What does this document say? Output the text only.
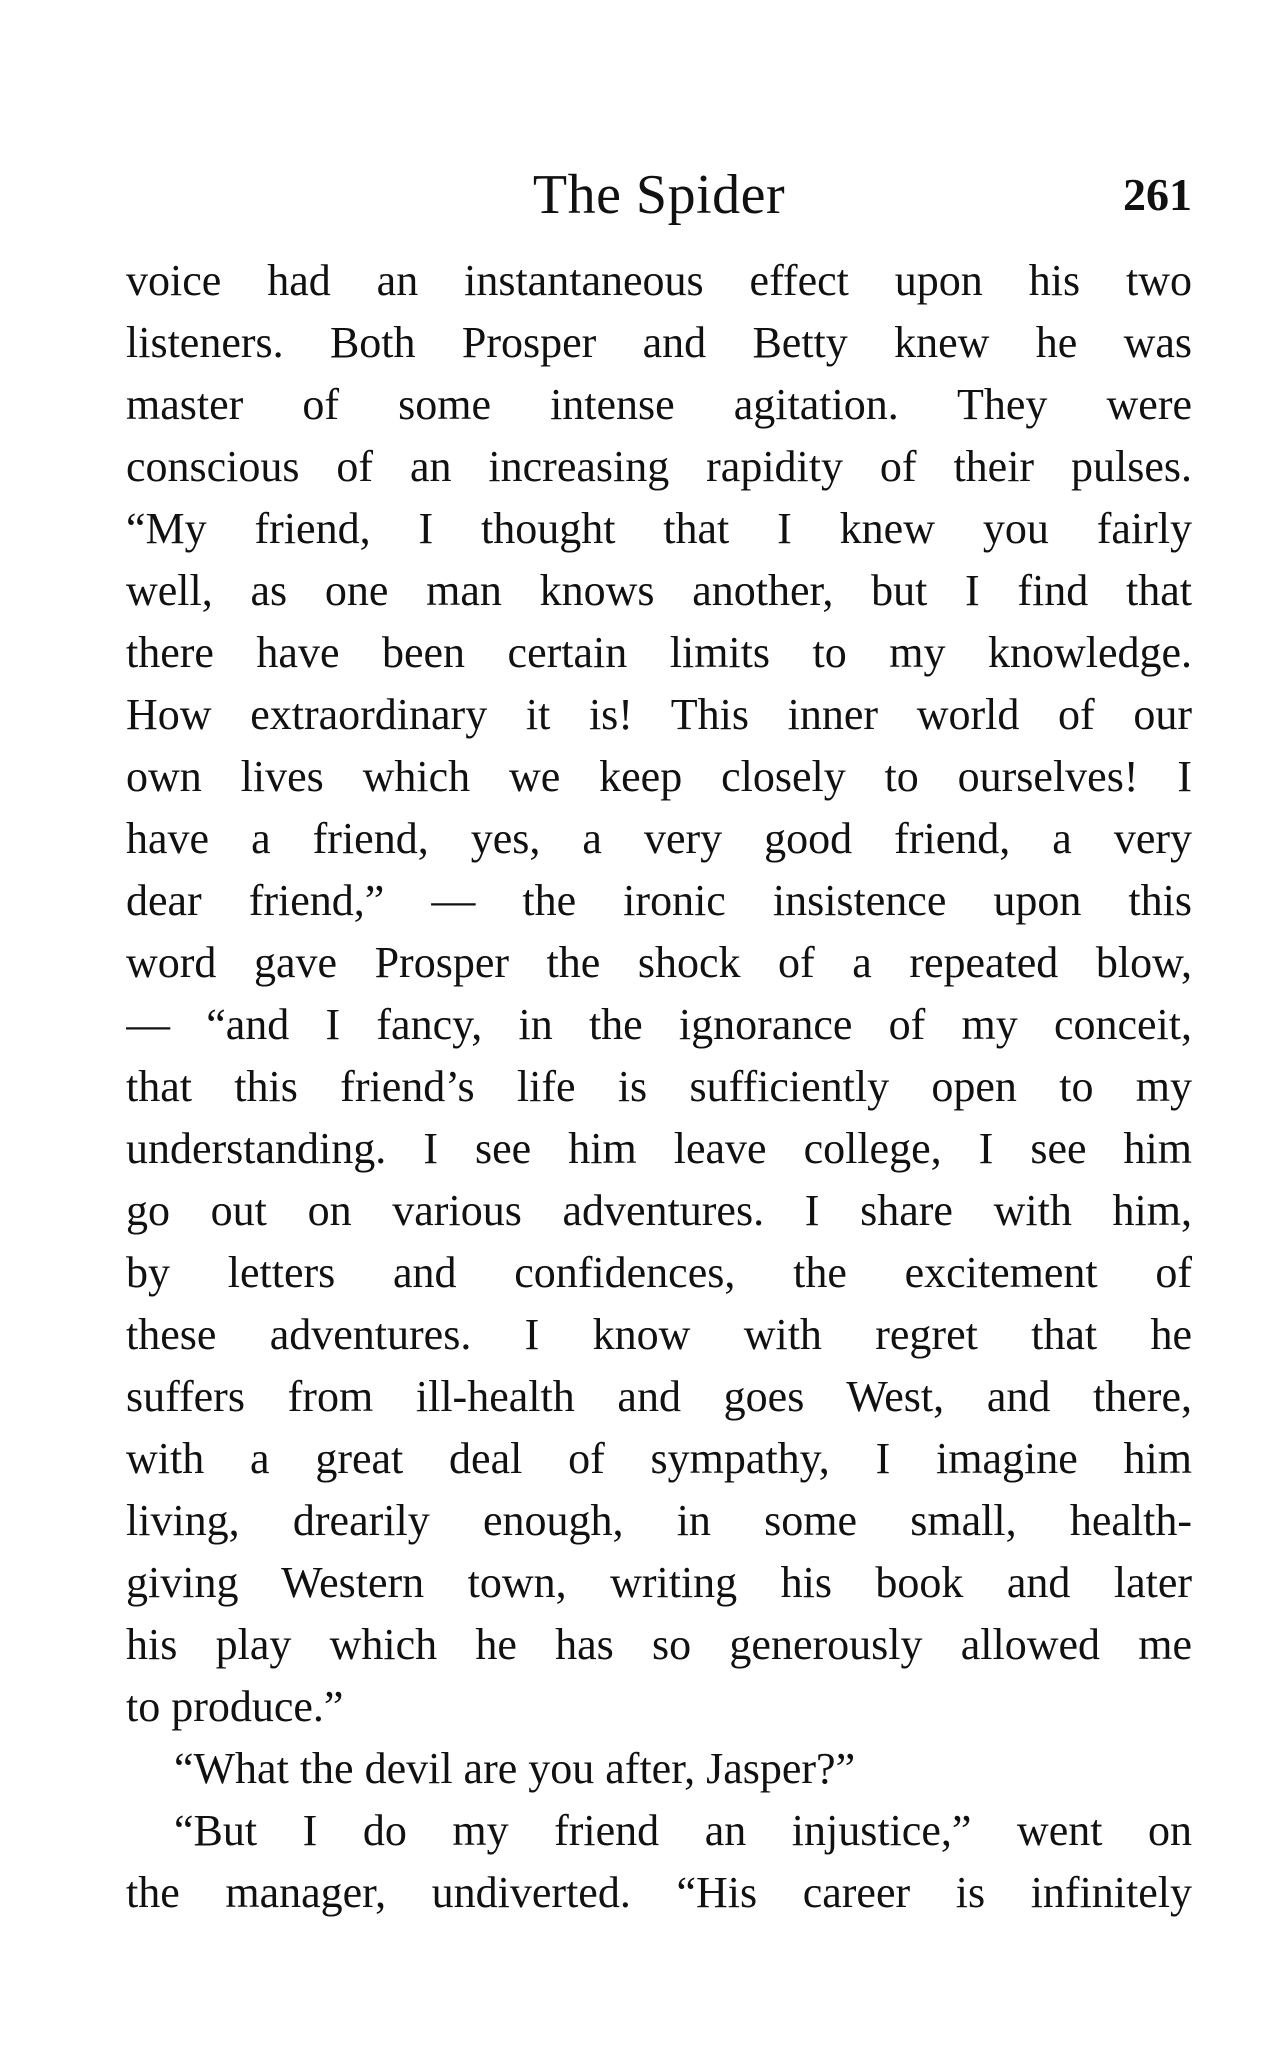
The Spider	261
voice had an instantaneous effect upon his two
listeners. Both Prosper and Betty knew he was
master of some intense agitation. They were
conscious of an increasing rapidity of their pulses.
“My friend, I thought that I knew you fairly
well, as one man knows another, but I find that
there have been certain limits to my knowledge.
How extraordinary it is! This inner world of our
own lives which we keep closely to ourselves! I
have a friend, yes, a very good friend, a very
dear friend,” — the ironic insistence upon this
word gave Prosper the shock of a repeated blow,
— “and I fancy, in the ignorance of my conceit,
that this friend’s life is sufficiently open to my
understanding. I see him leave college, I see him
go out on various adventures. I share with him,
by letters and confidences, the excitement of
these adventures. I know with regret that he
suffers from ill-health and goes West, and there,
with a great deal of sympathy, I imagine him
living, drearily enough, in some small, health-
giving Western town, writing his book and later
his play which he has so generously allowed me
to produce.”
“What the devil are you after, Jasper?”
“But I do my friend an injustice,” went on
the manager, undiverted. “His career is infinitely
